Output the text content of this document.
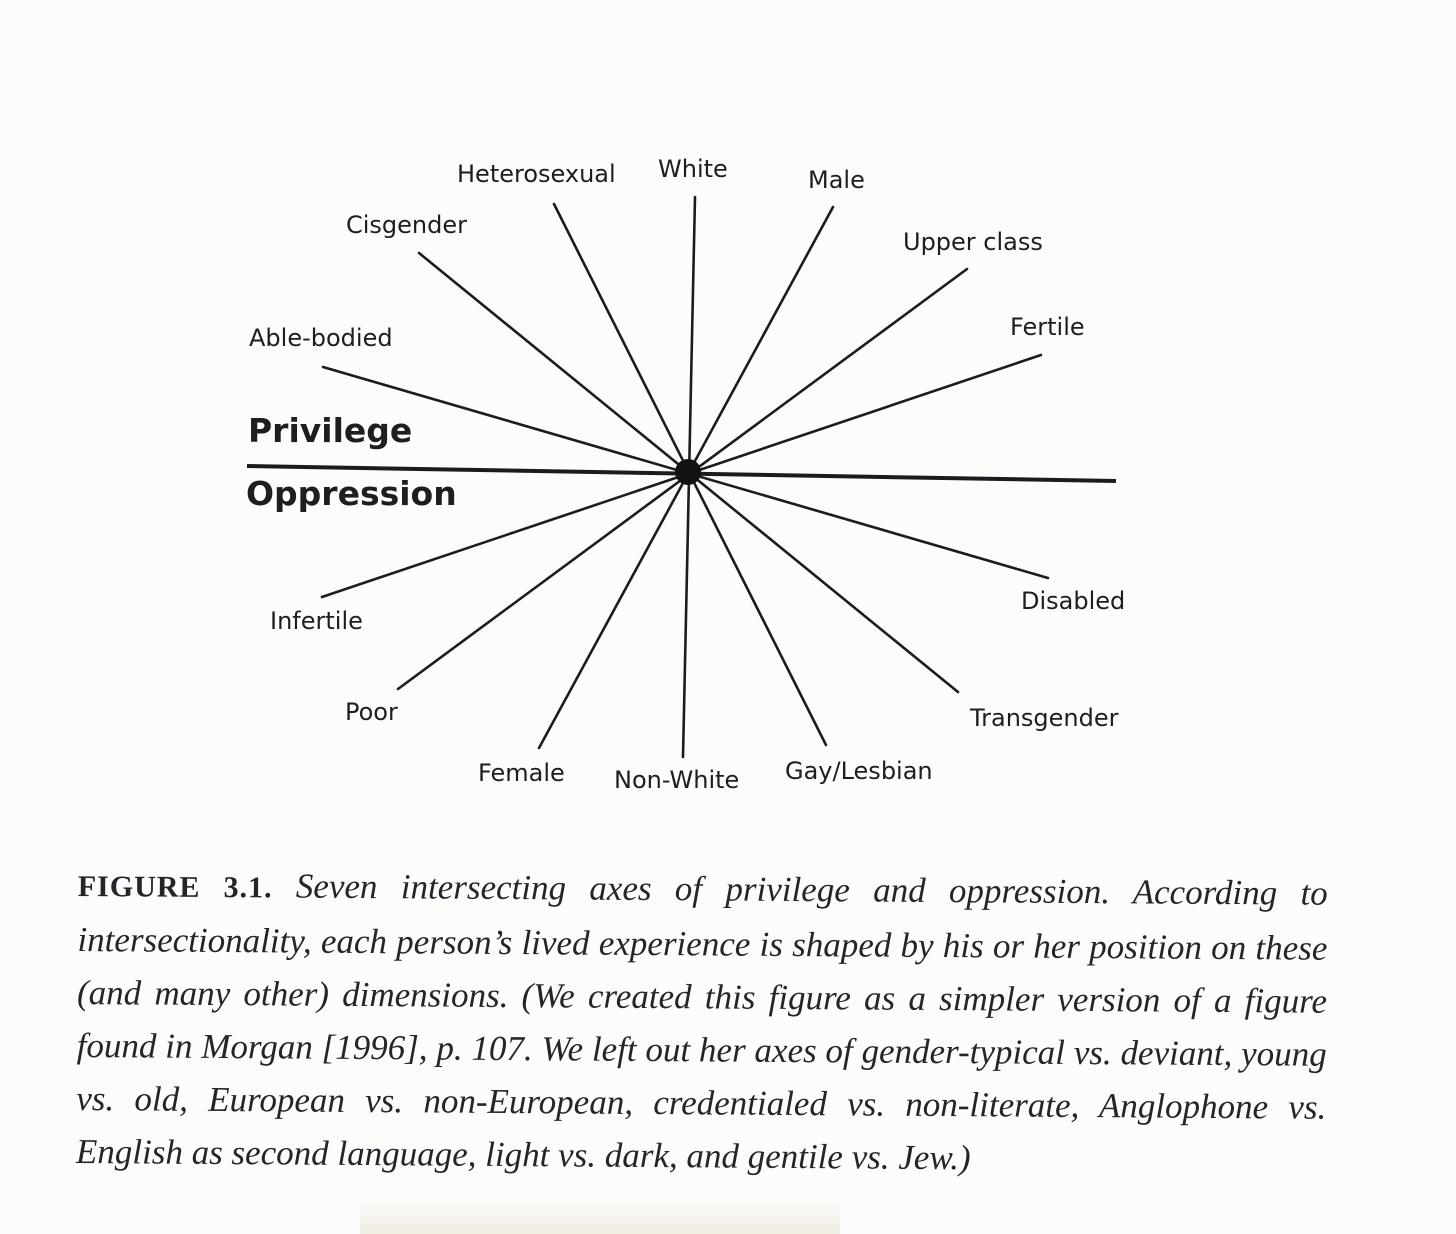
White
Non-White
Heterosexual
Gay/Lesbian
Male
Female
Cisgender
Transgender
Upper class
Poor
Able-bodied
Disabled
Fertile
Infertile
Privilege
Oppression
FIGURE 3.1. Seven intersecting axes of privilege and oppression. According to intersectionality, each person’s lived experience is shaped by his or her position on these (and many other) dimensions. (We created this figure as a simpler version of a figure found in Morgan [1996], p. 107. We left out her axes of gender-typical vs. deviant, young vs. old, European vs. non-European, credentialed vs. non-literate, Anglophone vs. English as second language, light vs. dark, and gentile vs. Jew.)
